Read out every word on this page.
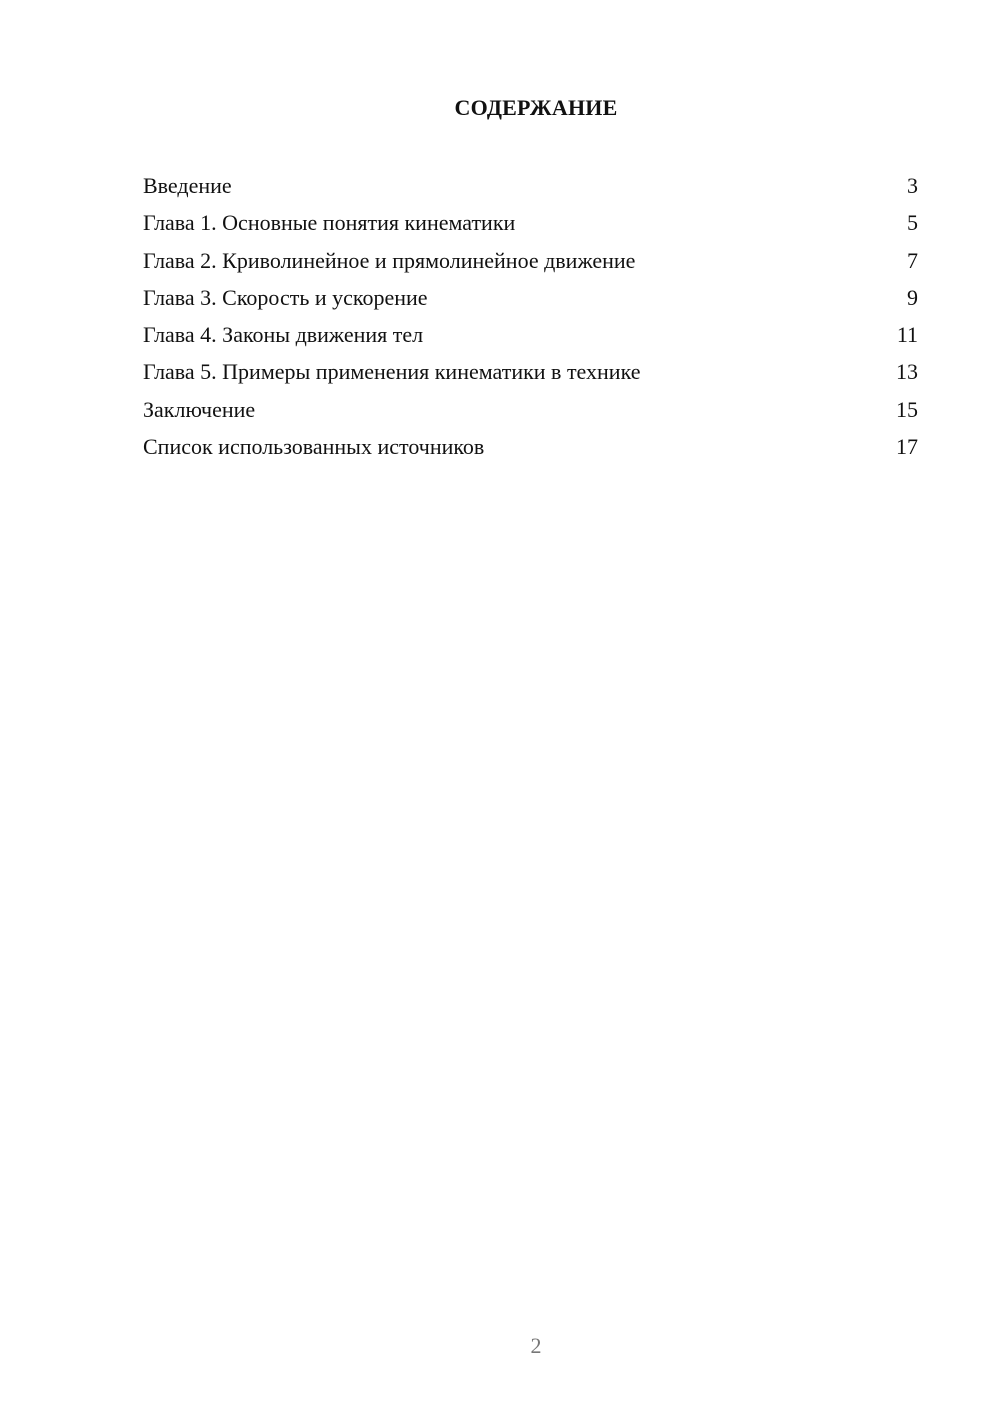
СОДЕРЖАНИЕ
Введение	3
Глава 1. Основные понятия кинематики	5
Глава 2. Криволинейное и прямолинейное движение	7
Глава 3. Скорость и ускорение	9
Глава 4. Законы движения тел	11
Глава 5. Примеры применения кинематики в технике	13
Заключение	15
Список использованных источников	17
2
